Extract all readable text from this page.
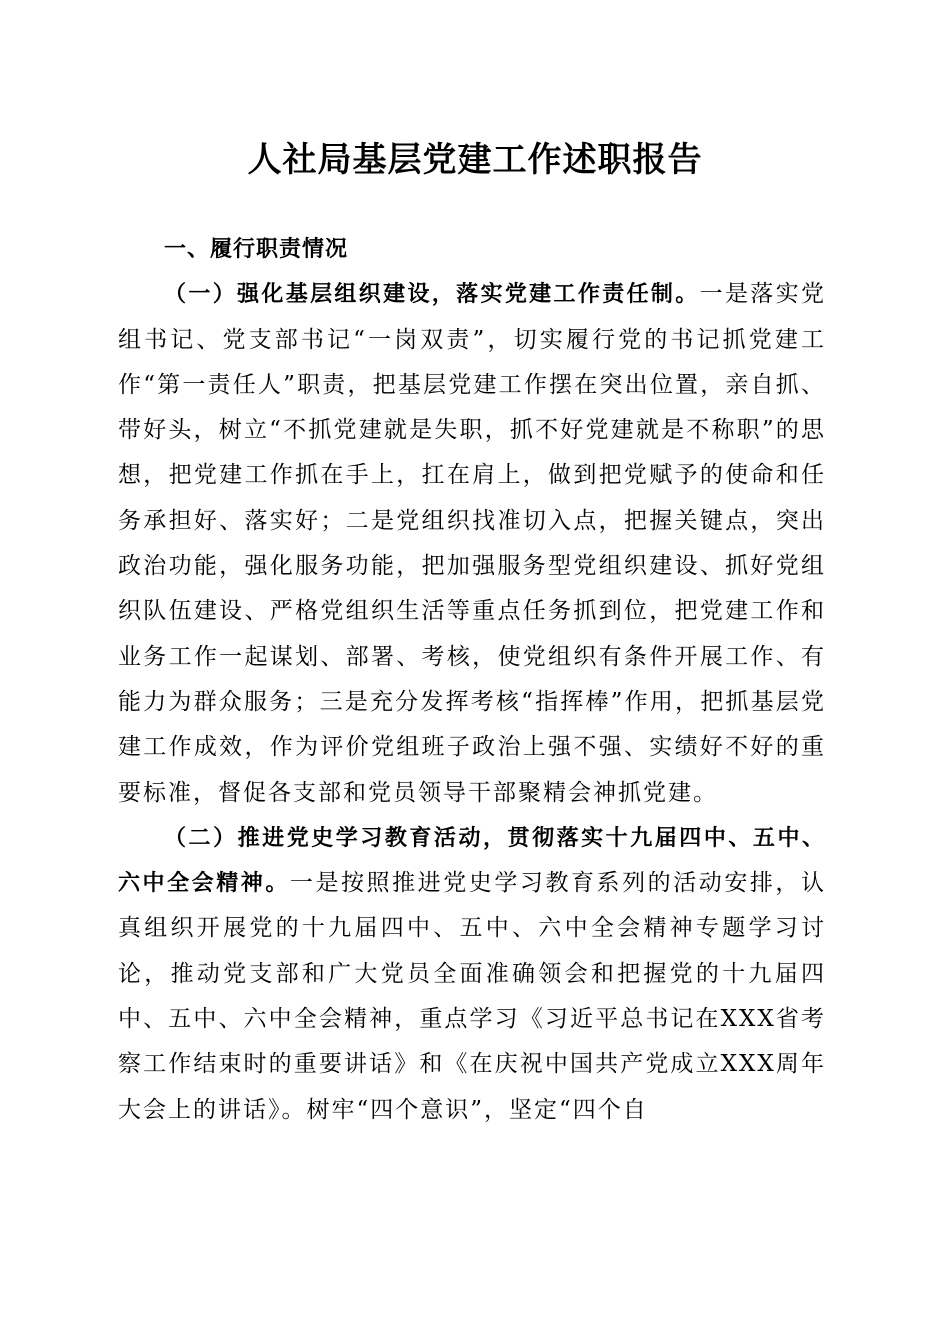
人社局基层党建工作述职报告

一、履行职责情况

（一）强化基层组织建设，落实党建工作责任制。一是落实党组书记、党支部书记“一岗双责”，切实履行党的书记抓党建工作“第一责任人”职责，把基层党建工作摆在突出位置，亲自抓、带好头，树立“不抓党建就是失职，抓不好党建就是不称职”的思想，把党建工作抓在手上，扛在肩上，做到把党赋予的使命和任务承担好、落实好；二是党组织找准切入点，把握关键点，突出政治功能，强化服务功能，把加强服务型党组织建设、抓好党组织队伍建设、严格党组织生活等重点任务抓到位，把党建工作和业务工作一起谋划、部署、考核，使党组织有条件开展工作、有能力为群众服务；三是充分发挥考核“指挥棒”作用，把抓基层党建工作成效，作为评价党组班子政治上强不强、实绩好不好的重要标准，督促各支部和党员领导干部聚精会神抓党建。

（二）推进党史学习教育活动，贯彻落实十九届四中、五中、六中全会精神。一是按照推进党史学习教育系列的活动安排，认真组织开展党的十九届四中、五中、六中全会精神专题学习讨论，推动党支部和广大党员全面准确领会和把握党的十九届四中、五中、六中全会精神，重点学习《习近平总书记在XXX省考察工作结束时的重要讲话》和《在庆祝中国共产党成立XXX周年大会上的讲话》。树牢“四个意识”，坚定“四个自
